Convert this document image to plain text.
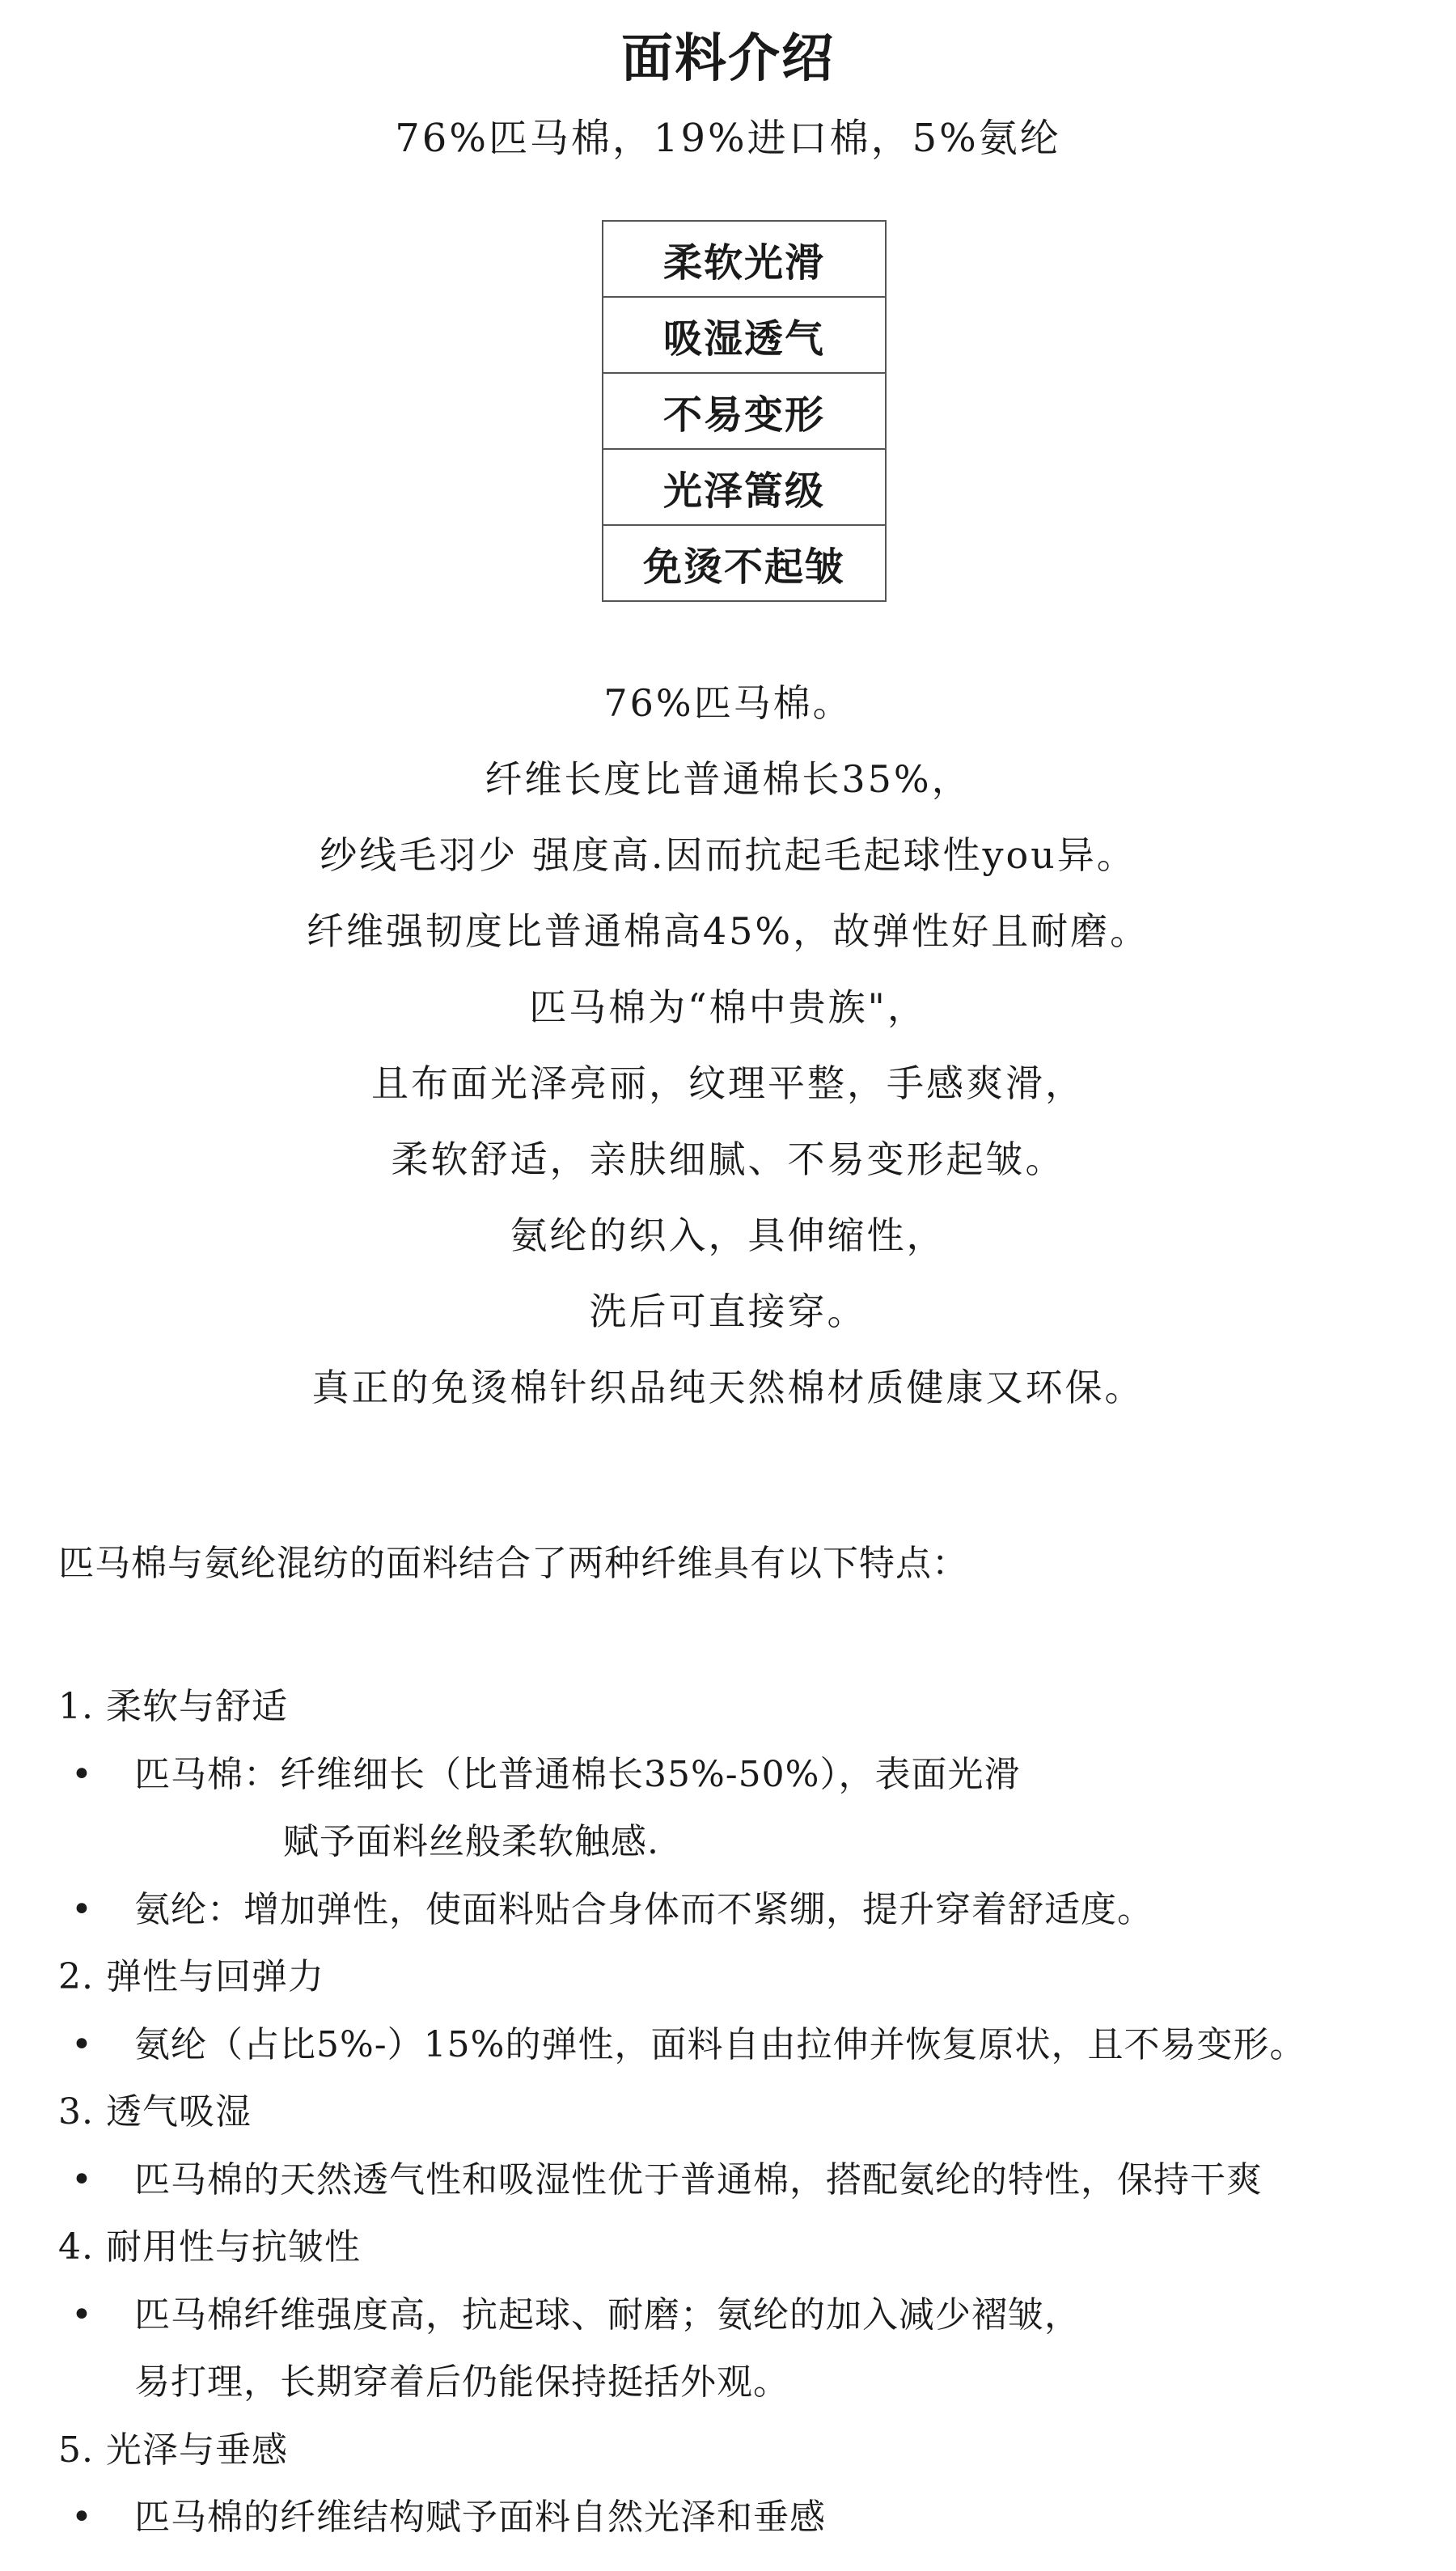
面料介绍
76%匹马棉，19%进口棉，5%氨纶
柔软光滑
吸湿透气
不易变形
光泽篙级
免烫不起皱
76%匹马棉。
纤维长度比普通棉长35%，
纱线毛羽少 强度高.因而抗起毛起球性you异。
纤维强韧度比普通棉高45%，故弹性好且耐磨。
匹马棉为“棉中贵族"，
且布面光泽亮丽，纹理平整，手感爽滑，
柔软舒适，亲肤细腻、不易变形起皱。
氨纶的织入，具伸缩性，
洗后可直接穿。
真正的免烫棉针织品纯天然棉材质健康又环保。
匹马棉与氨纶混纺的面料结合了两种纤维具有以下特点：
1. 柔软与舒适
• 匹马棉：纤维细长（比普通棉长35%-50%），表面光滑
赋予面料丝般柔软触感.
• 氨纶：增加弹性，使面料贴合身体而不紧绷，提升穿着舒适度。
2. 弹性与回弹力
• 氨纶（占比5%-）15%的弹性，面料自由拉伸并恢复原状，且不易变形。
3. 透气吸湿
• 匹马棉的天然透气性和吸湿性优于普通棉，搭配氨纶的特性，保持干爽
4. 耐用性与抗皱性
• 匹马棉纤维强度高，抗起球、耐磨；氨纶的加入减少褶皱，
易打理，长期穿着后仍能保持挺括外观。
5. 光泽与垂感
• 匹马棉的纤维结构赋予面料自然光泽和垂感
